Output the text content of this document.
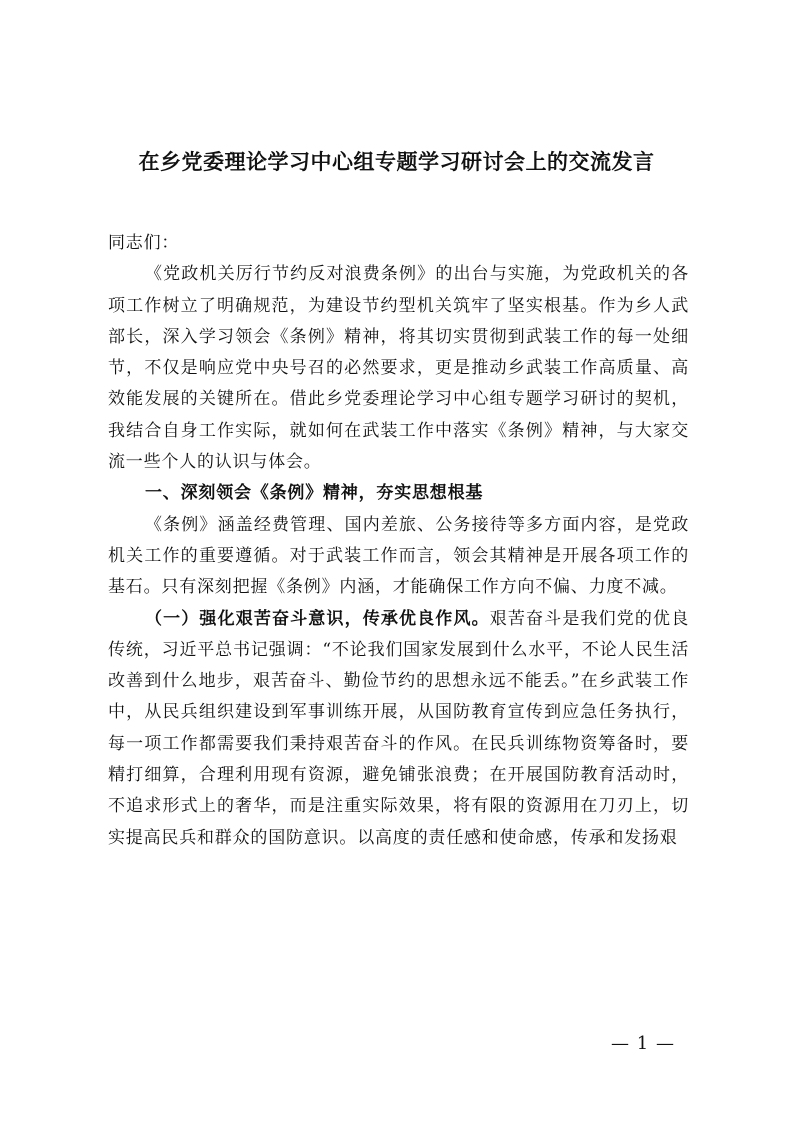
在乡党委理论学习中心组专题学习研讨会上的交流发言

同志们：

《党政机关厉行节约反对浪费条例》的出台与实施，为党政机关的各项工作树立了明确规范，为建设节约型机关筑牢了坚实根基。作为乡人武部长，深入学习领会《条例》精神，将其切实贯彻到武装工作的每一处细节，不仅是响应党中央号召的必然要求，更是推动乡武装工作高质量、高效能发展的关键所在。借此乡党委理论学习中心组专题学习研讨的契机，我结合自身工作实际，就如何在武装工作中落实《条例》精神，与大家交流一些个人的认识与体会。

一、深刻领会《条例》精神，夯实思想根基

《条例》涵盖经费管理、国内差旅、公务接待等多方面内容，是党政机关工作的重要遵循。对于武装工作而言，领会其精神是开展各项工作的基石。只有深刻把握《条例》内涵，才能确保工作方向不偏、力度不减。

（一）强化艰苦奋斗意识，传承优良作风。艰苦奋斗是我们党的优良传统，习近平总书记强调：“不论我们国家发展到什么水平，不论人民生活改善到什么地步，艰苦奋斗、勤俭节约的思想永远不能丢。”在乡武装工作中，从民兵组织建设到军事训练开展，从国防教育宣传到应急任务执行，每一项工作都需要我们秉持艰苦奋斗的作风。在民兵训练物资筹备时，要精打细算，合理利用现有资源，避免铺张浪费；在开展国防教育活动时，不追求形式上的奢华，而是注重实际效果，将有限的资源用在刀刃上，切实提高民兵和群众的国防意识。以高度的责任感和使命感，传承和发扬艰

— 1 —
